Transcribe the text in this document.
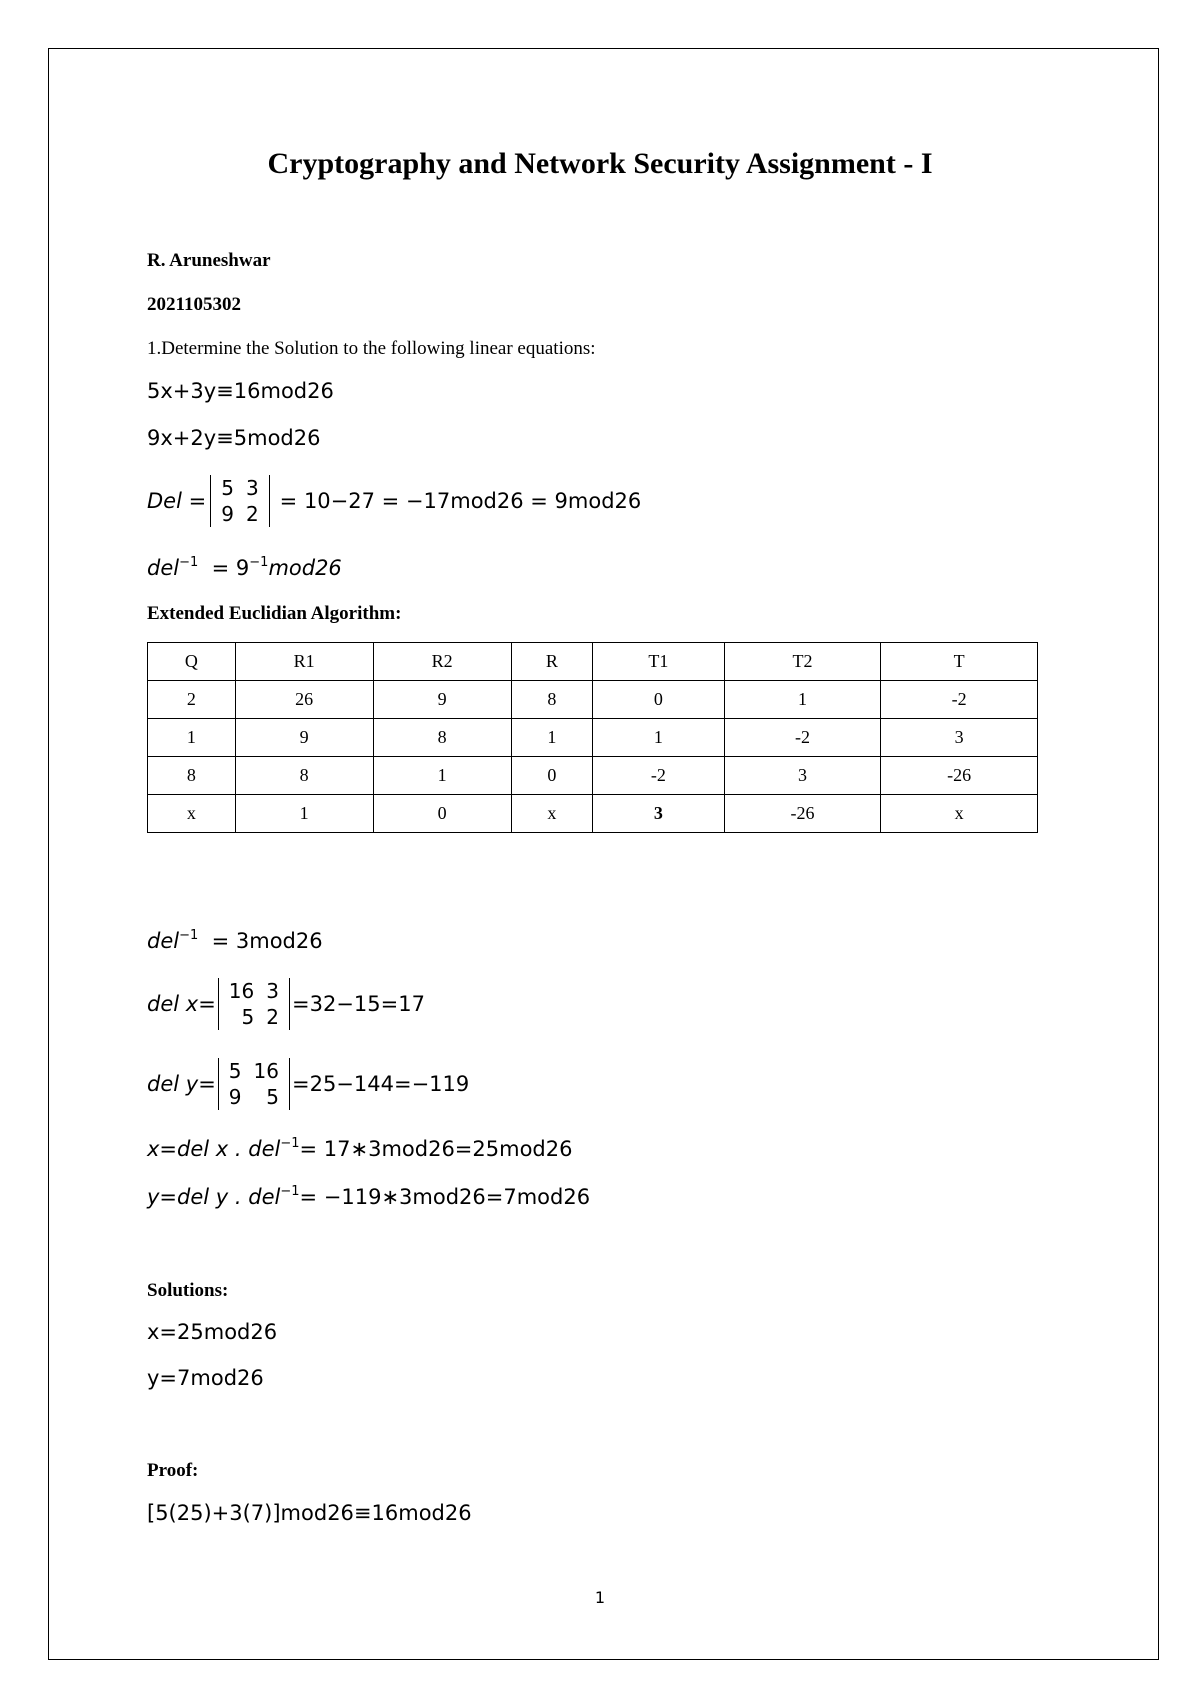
Cryptography and Network Security Assignment - I
R. Aruneshwar
2021105302
1.Determine the Solution to the following linear equations:
5x+3y≡16mod26
9x+2y≡5mod26
Del =
5	3
9	2
= 10−27 = −17mod26 = 9mod26
$del^{-1} = 9^{-1}mod26$
Extended Euclidian Algorithm:
Q	R1	R2	R	T1	T2	T
2	26	9	8	0	1	-2
1	9	8	1	1	-2	3
8	8	1	0	-2	3	-26
x	1	0	x	3	-26	x
del$^{-1}$ = 3mod26
del x=
16	3
5	2
=32−15=17
del y=
5	16
9	5
=25−144=−119
x=del x . del$^{-1}$= 17∗3mod26=25mod26
y=del y . del$^{-1}$= −119∗3mod26=7mod26
Solutions:
x=25mod26
y=7mod26
Proof:
[5(25)+3(7)]mod26≡16mod26
1
